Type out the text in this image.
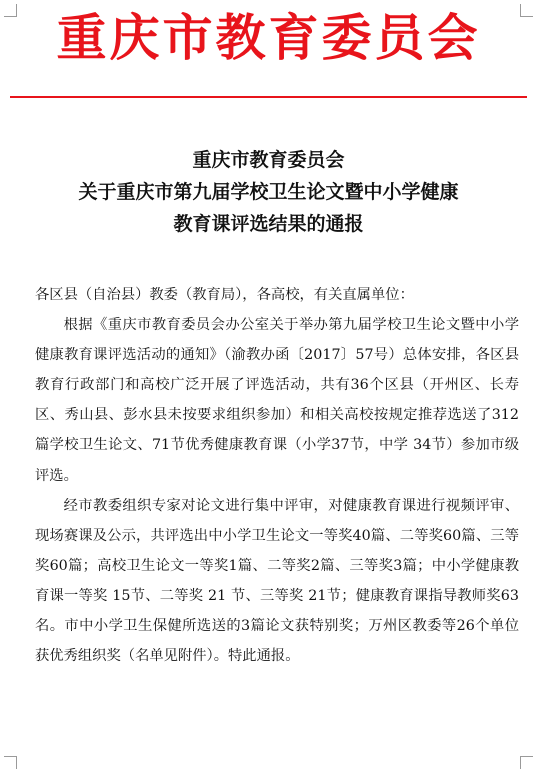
重庆市教育委员会
重庆市教育委员会
关于重庆市第九届学校卫生论文暨中小学健康
教育课评选结果的通报

各区县（自治县）教委（教育局），各高校，有关直属单位：

根据《重庆市教育委员会办公室关于举办第九届学校卫生论文暨中小学健康教育课评选活动的通知》（渝教办函〔2017〕57号）总体安排，各区县教育行政部门和高校广泛开展了评选活动，共有36个区县（开州区、长寿区、秀山县、彭水县未按要求组织参加）和相关高校按规定推荐选送了312篇学校卫生论文、71节优秀健康教育课（小学37节，中学 34节）参加市级评选。

经市教委组织专家对论文进行集中评审，对健康教育课进行视频评审、现场赛课及公示，共评选出中小学卫生论文一等奖40篇、二等奖60篇、三等奖60篇；高校卫生论文一等奖1篇、二等奖2篇、三等奖3篇；中小学健康教育课一等奖 15节、二等奖 21 节、三等奖 21节；健康教育课指导教师奖63名。市中小学卫生保健所选送的3篇论文获特别奖；万州区教委等26个单位获优秀组织奖（名单见附件）。特此通报。
